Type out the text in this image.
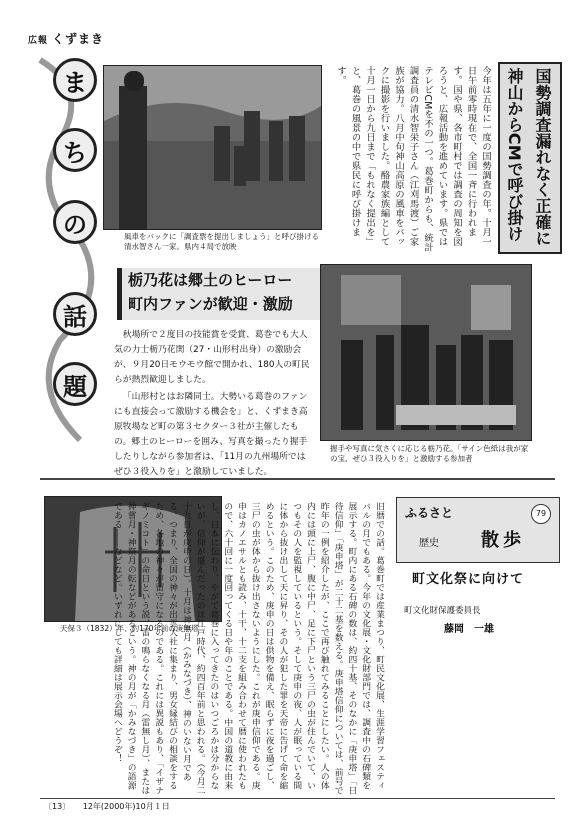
広報 くずまき
ま
ち
の
話
題
風車をバックに「調査票を提出しましょう」と呼び掛ける清水智さん一家。県内４局で放映	今年は五年に一度の国勢調査の年。十月一日午前零時現在で、全国一斉に行われます。国や県、各市町村では調査の周知を図ろうと、広報活動を進めています。県ではテレビCMを不の一つ。葛巻町からも、統計調査員の清水智栄子さん（江刈馬渡）ご家族が協力。八月中旬神山高原の風車をバックに撮影を行いました。酪農家族編として十月一日から九日まで「もれなく提出を」と、葛巻の風景の中で県民に呼び掛けます。	国勢調査漏れなく正確に
神山からCMで呼び掛け
栃乃花は郷土のヒーロー
町内ファンが歓迎・激励

秋場所で２度目の技能賞を受賞、葛巻でも大人気の力士栃乃花関（27・山形村出身）の激励会が、９月20日モウモウ館で開かれ、180人の町民らが熱烈歓迎しました。

「山形村とはお隣同士。大勢いる葛巻のファンにも直接会って激励する機会を」と、くずまき高原牧場など町の第３セクター３社が主催したもの。郷土のヒーローを囲み、写真を撮ったり握手したりしながら参加者は、「11月の九州場所ではぜひ３役入りを」と激励していました。

握手や写真に気さくに応じる栃乃花。「サイン色紙は我が家の宝、ぜひ３役入りを」と激励する参加者
天保３（1832）年、約170年前の庚申塔	旧暦での話。葛巻町では産業まつり、町民文化展、生涯学習フェスティバルの月でもある。今年の文化展・文化財部門では、調査中の石碑類を展示する。町内にある石碑の数は、約四十基、そのなかに「庚申塔」「日待信仰」「庚申塔」が二十二基を数える。庚申塔信仰については、前号で昨年の一例を紹介したが、ここで再び触れてみることにしたい。人の体内には頭に上尸、腹に中尸、足に下尸という三尸の虫が住んでいて、いつもその人を監視しているという。そして庚申の夜、人が眠っている間に体から抜け出して天に昇り、その人が犯した罪を天帝に告げて命を縮めるという。このため、庚申の日は供物を備え、眠らずに夜を過ごし、三尸の虫が体から抜け出さないようにした。これが庚申信仰である。庚申はカノエサルとも読み、十干、十二支を組み合わせて暦に使われたもので、六十回に一度回ってくる日や年のことである。中国の道教に由来し、日本に伝わり、やがて葛巻に入ってきたのはいつごろかは分からないが、信仰が盛んだったのは江戸時代、約四百年前と思われる。（今月二十九日が庚申の日）。十月は神無月（かみなづき）、神のいない月である。つまり、全国の神々が出雲大社に集まり、男女縁結びの相談をするため、各地の神々が留守になるのである。これには異説もあり、「イザナギノミコト」の命日という説、雷の鳴らなくなる月（雷無し月）、または神嘗月・神祭月の転などがあるという。神の月が「かみなづき」の語源である――などなど。いずれにしても詳細は展示会場へどうぞ！	ふるさと	79
歴史 散歩
町文化祭に向けて
町文化財保護委員長
藤岡　一雄
〔13〕 12年(2000年)10月１日
